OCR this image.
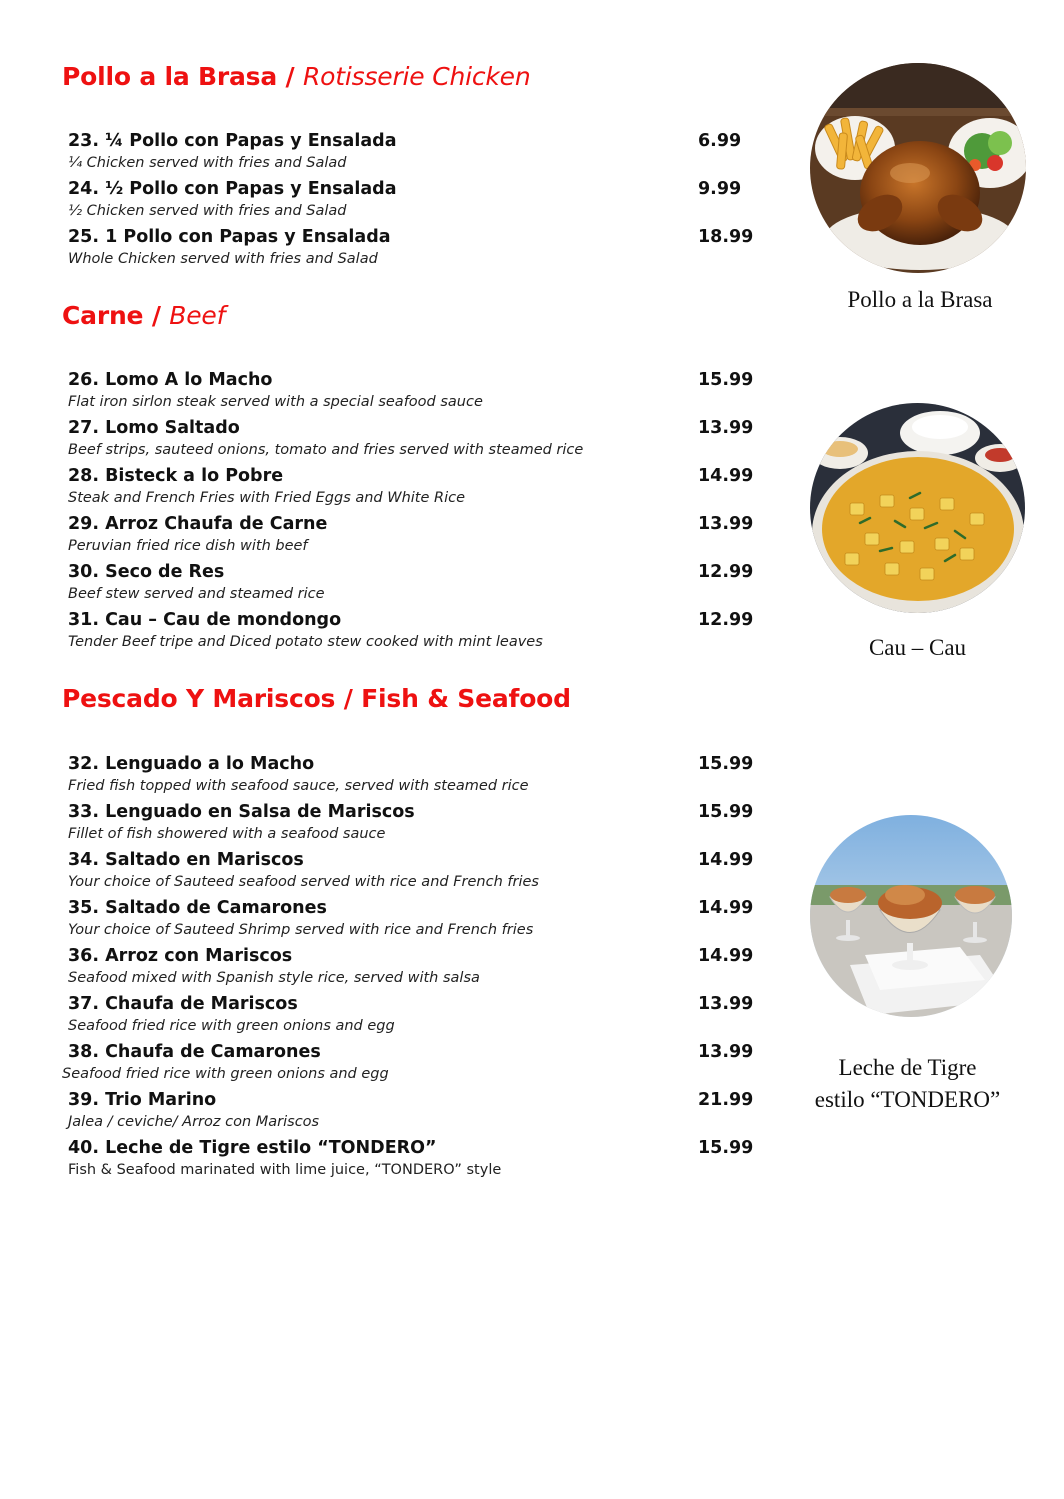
Pollo a la Brasa / Rotisserie Chicken
23. ¼ Pollo con Papas y Ensalada	6.99
¼ Chicken served with fries and Salad
24. ½ Pollo con Papas y Ensalada	9.99
½ Chicken served with fries and Salad
25. 1 Pollo con Papas y Ensalada	18.99
Whole Chicken served with fries and Salad
Carne / Beef
26. Lomo A lo Macho	15.99
Flat iron sirlon steak served with a special seafood sauce
27. Lomo Saltado	13.99
Beef strips, sauteed onions, tomato and fries served with steamed rice
28. Bisteck a lo Pobre	14.99
Steak and French Fries with Fried Eggs and White Rice
29. Arroz Chaufa de Carne	13.99
Peruvian fried rice dish with beef
30. Seco de Res	12.99
Beef stew served and steamed rice
31. Cau – Cau de mondongo	12.99
Tender Beef tripe and Diced potato stew cooked with mint leaves
Pescado Y Mariscos / Fish & Seafood
32. Lenguado a lo Macho	15.99
Fried fish topped with seafood sauce, served with steamed rice
33. Lenguado en Salsa de Mariscos	15.99
Fillet of fish showered with a seafood sauce
34. Saltado en Mariscos	14.99
Your choice of Sauteed seafood served with rice and French fries
35. Saltado de Camarones	14.99
Your choice of Sauteed Shrimp served with rice and French fries
36. Arroz con Mariscos	14.99
Seafood mixed with Spanish style rice, served with salsa
37. Chaufa de Mariscos	13.99
Seafood fried rice with green onions and egg
38. Chaufa de Camarones	13.99
Seafood fried rice with green onions and egg
39. Trio Marino	21.99
Jalea / ceviche/ Arroz con Mariscos
40. Leche de Tigre estilo “TONDERO”	15.99
Fish & Seafood marinated with lime juice, “TONDERO” style

Pollo a la Brasa

Cau – Cau

Leche de Tigre
estilo “TONDERO”
